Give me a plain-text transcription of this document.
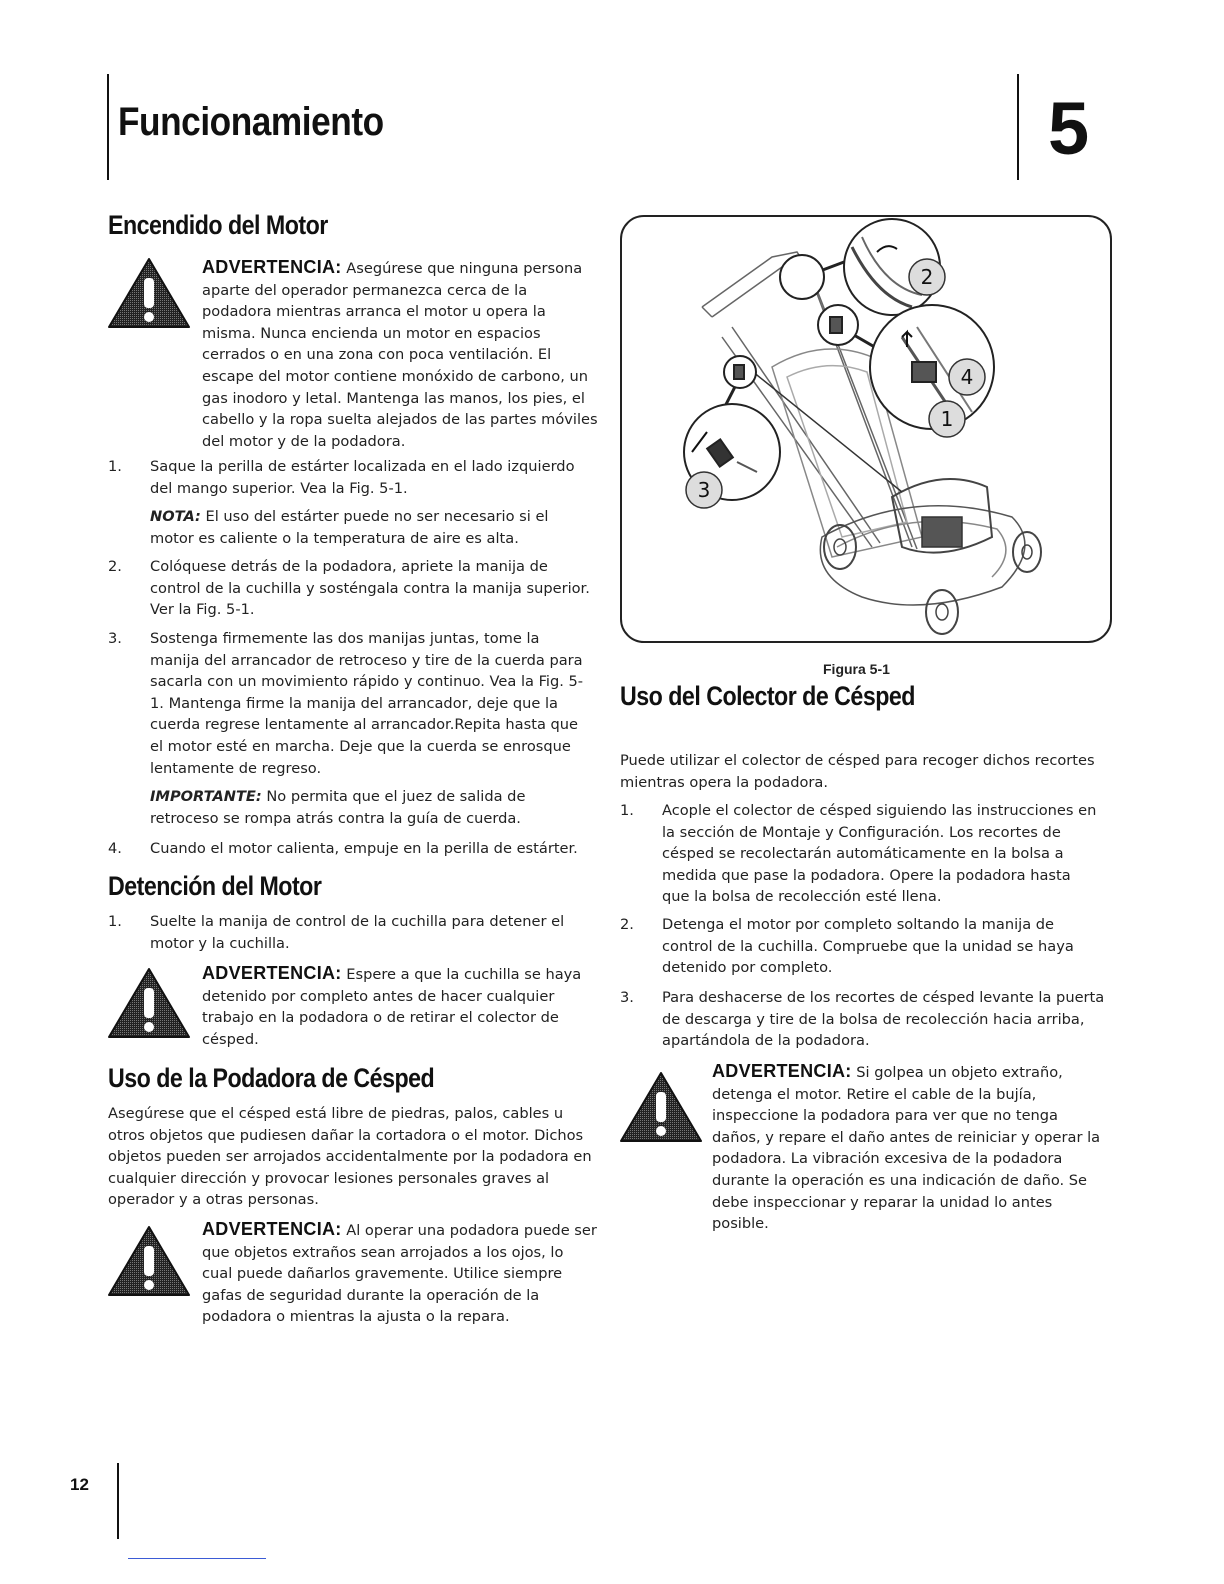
Funcionamiento	5
Encendido del Motor
ADVERTENCIA: Asegúrese que ninguna persona aparte del operador permanezca cerca de la podadora mientras arranca el motor u opera la misma. Nunca encienda un motor en espacios cerrados o en una zona con poca ventilación. El escape del motor contiene monóxido de carbono, un gas inodoro y letal. Mantenga las manos, los pies, el cabello y la ropa suelta alejados de las partes móviles del motor y de la podadora.
1. Saque la perilla de estárter localizada en el lado izquierdo del mango superior. Vea la Fig. 5-1.
NOTA: El uso del estárter puede no ser necesario si el motor es caliente o la temperatura de aire es alta.
2. Colóquese detrás de la podadora, apriete la manija de control de la cuchilla y sosténgala contra la manija superior. Ver la Fig. 5-1.
3. Sostenga firmemente las dos manijas juntas, tome la manija del arrancador de retroceso y tire de la cuerda para sacarla con un movimiento rápido y continuo. Vea la Fig. 5-1. Mantenga firme la manija del arrancador, deje que la cuerda regrese lentamente al arrancador.Repita hasta que el motor esté en marcha. Deje que la cuerda se enrosque lentamente de regreso.
IMPORTANTE: No permita que el juez de salida de retroceso se rompa atrás contra la guía de cuerda.
4. Cuando el motor calienta, empuje en la perilla de estárter.
Detención del Motor
1. Suelte la manija de control de la cuchilla para detener el motor y la cuchilla.
ADVERTENCIA: Espere a que la cuchilla se haya detenido por completo antes de hacer cualquier trabajo en la podadora o de retirar el colector de césped.
Uso de la Podadora de Césped

Asegúrese que el césped está libre de piedras, palos, cables u otros objetos que pudiesen dañar la cortadora o el motor. Dichos objetos pueden ser arrojados accidentalmente por la podadora en cualquier dirección y provocar lesiones personales graves al operador y a otras personas.

ADVERTENCIA: Al operar una podadora puede ser que objetos extraños sean arrojados a los ojos, lo cual puede dañarlos gravemente. Utilice siempre gafas de seguridad durante la operación de la podadora o mientras la ajusta o la repara.
2
4
1
3
Figura 5-1
Uso del Colector de Césped

Puede utilizar el colector de césped para recoger dichos recortes mientras opera la podadora.

1. Acople el colector de césped siguiendo las instrucciones en la sección de Montaje y Configuración. Los recortes de césped se recolectarán automáticamente en la bolsa a medida que pase la podadora. Opere la podadora hasta que la bolsa de recolección esté llena.
2. Detenga el motor por completo soltando la manija de control de la cuchilla. Compruebe que la unidad se haya detenido por completo.
3. Para deshacerse de los recortes de césped levante la puerta de descarga y tire de la bolsa de recolección hacia arriba, apartándola de la podadora.
ADVERTENCIA: Si golpea un objeto extraño, detenga el motor. Retire el cable de la bujía, inspeccione la podadora para ver que no tenga daños, y repare el daño antes de reiniciar y operar la podadora. La vibración excesiva de la podadora durante la operación es una indicación de daño. Se debe inspeccionar y reparar la unidad lo antes posible.
12
